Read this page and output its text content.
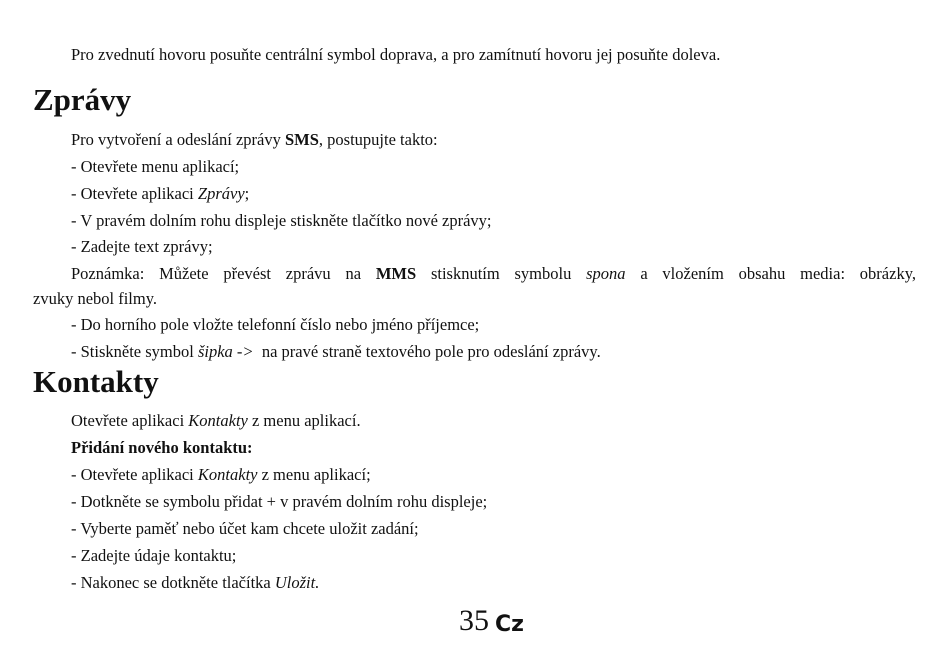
Pro zvednutí hovoru posuňte centrální symbol doprava, a pro zamítnutí hovoru jej posuňte doleva.
Zprávy
Pro vytvoření a odeslání zprávy SMS, postupujte takto:
- Otevřete menu aplikací;
- Otevřete aplikaci Zprávy;
- V pravém dolním rohu displeje stiskněte tlačítko nové zprávy;
- Zadejte text zprávy;
Poznámka: Můžete převést zprávu na MMS stisknutím symbolu spona a vložením obsahu media: obrázky,
zvuky nebol filmy.
- Do horního pole vložte telefonní číslo nebo jméno příjemce;
- Stiskněte symbol šipka ->  na pravé straně textového pole pro odeslání zprávy.
Kontakty
Otevřete aplikaci Kontakty z menu aplikací.
Přidání nového kontaktu:
- Otevřete aplikaci Kontakty z menu aplikací;
- Dotkněte se symbolu přidat + v pravém dolním rohu displeje;
- Vyberte paměť nebo účet kam chcete uložit zadání;
- Zadejte údaje kontaktu;
- Nakonec se dotkněte tlačítka Uložit.
35 Cz
